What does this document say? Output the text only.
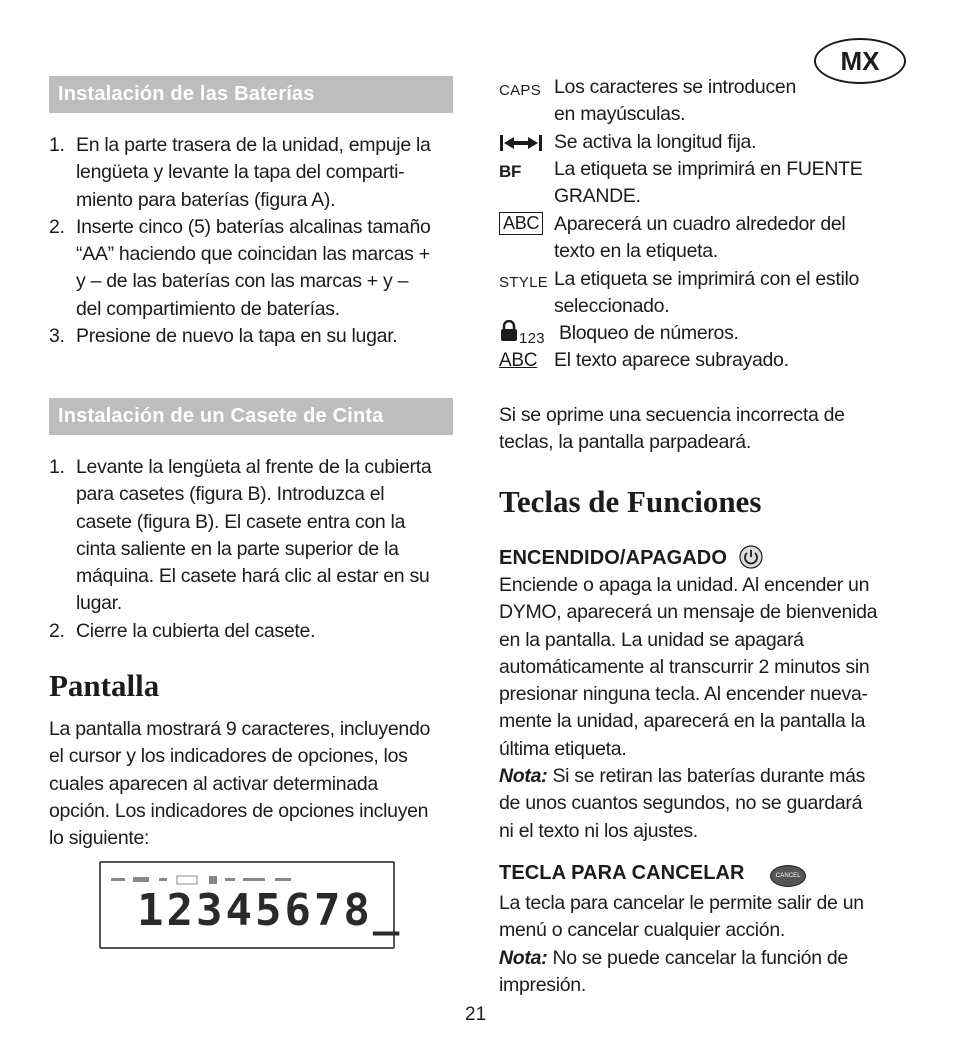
MX
Instalación de las Baterías
1. En la parte trasera de la unidad, empuje la
lengüeta y levante la tapa del comparti-
miento para baterías (figura A).
2. Inserte cinco (5) baterías alcalinas tamaño
“AA” haciendo que coincidan las marcas +
y – de las baterías con las marcas + y –
del compartimiento de baterías.
3. Presione de nuevo la tapa en su lugar.
Instalación de un Casete de Cinta
1. Levante la lengüeta al frente de la cubierta
para casetes (figura B). Introduzca el
casete (figura B). El casete entra con la
cinta saliente en la parte superior de la
máquina. El casete hará clic al estar en su
lugar.
2. Cierre la cubierta del casete.
Pantalla
La pantalla mostrará 9 caracteres, incluyendo
el cursor y los indicadores de opciones, los
cuales aparecen al activar determinada
opción. Los indicadores de opciones incluyen
lo siguiente:
12345678_
CAPS Los caracteres se introducen
en mayúsculas.
Se activa la longitud fija.
BF La etiqueta se imprimirá en FUENTE
GRANDE.
ABC Aparecerá un cuadro alrededor del
texto en la etiqueta.
STYLE La etiqueta se imprimirá con el estilo
seleccionado.
$_{123}$ Bloqueo de números.
ABC El texto aparece subrayado.
Si se oprime una secuencia incorrecta de
teclas, la pantalla parpadeará.
Teclas de Funciones
ENCENDIDO/APAGADO
Enciende o apaga la unidad. Al encender un
DYMO, aparecerá un mensaje de bienvenida
en la pantalla. La unidad se apagará
automáticamente al transcurrir 2 minutos sin
presionar ninguna tecla. Al encender nueva-
mente la unidad, aparecerá en la pantalla la
última etiqueta.
Nota: Si se retiran las baterías durante más
de unos cuantos segundos, no se guardará
ni el texto ni los ajustes.
TECLA PARA CANCELAR	CANCEL
La tecla para cancelar le permite salir de un
menú o cancelar cualquier acción.
Nota: No se puede cancelar la función de
impresión.
21
